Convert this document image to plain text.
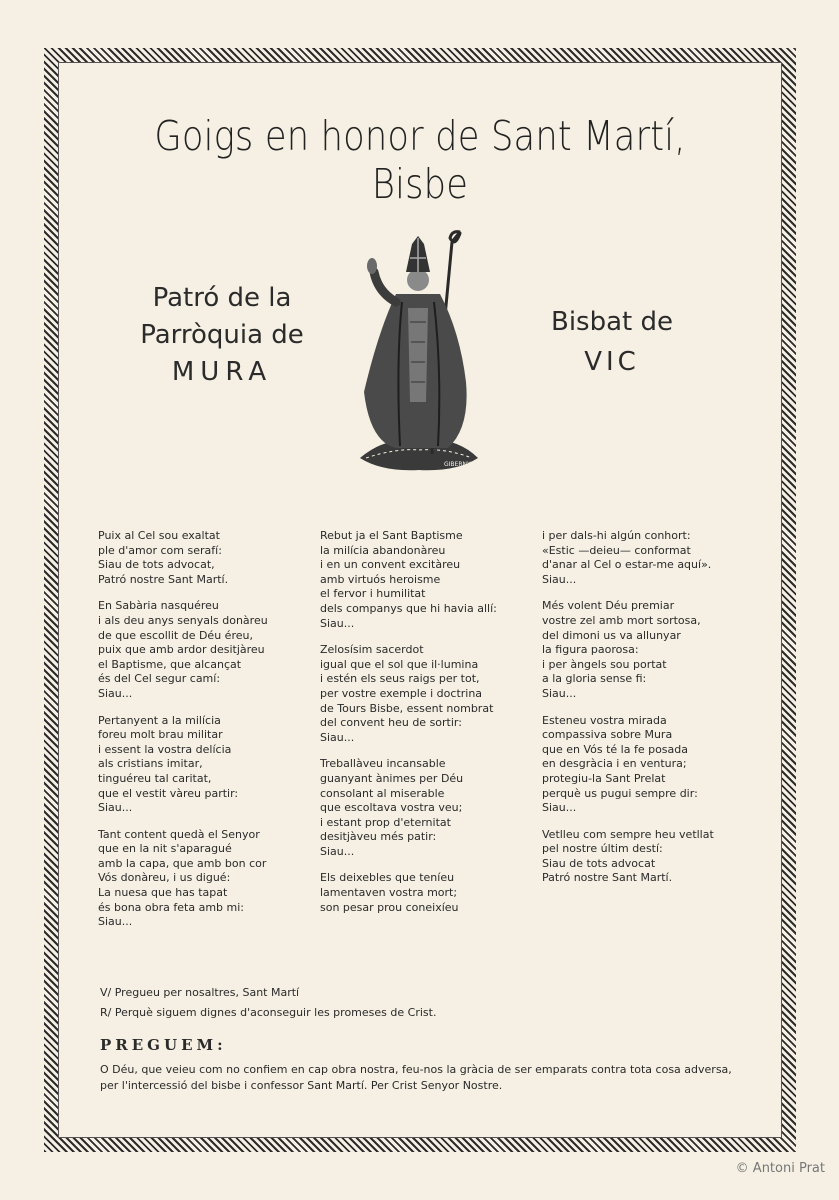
Goigs en honor de Sant Martí, Bisbe
Patró de la
Parròquia de
MURA
Bisbat de
VIC
GIBERNY
Puix al Cel sou exaltat
ple d'amor com serafí:
Siau de tots advocat,
Patró nostre Sant Martí.
En Sabària nasquéreu
i als deu anys senyals donàreu
de que escollit de Déu éreu,
puix que amb ardor desitjàreu
el Baptisme, que alcançat
és del Cel segur camí:
Siau...
Pertanyent a la milícia
foreu molt brau militar
i essent la vostra delícia
als cristians imitar,
tinguéreu tal caritat,
que el vestit vàreu partir:
Siau...
Tant content quedà el Senyor
que en la nit s'aparagué
amb la capa, que amb bon cor
Vós donàreu, i us digué:
La nuesa que has tapat
és bona obra feta amb mi:
Siau...
Rebut ja el Sant Baptisme
la milícia abandonàreu
i en un convent excitàreu
amb virtuós heroisme
el fervor i humilitat
dels companys que hi havia allí:
Siau...
Zelosísim sacerdot
igual que el sol que il·lumina
i estén els seus raigs per tot,
per vostre exemple i doctrina
de Tours Bisbe, essent nombrat
del convent heu de sortir:
Siau...
Treballàveu incansable
guanyant ànimes per Déu
consolant al miserable
que escoltava vostra veu;
i estant prop d'eternitat
desitjàveu més patir:
Siau...
Els deixebles que teníeu
lamentaven vostra mort;
son pesar prou coneixíeu
i per dals-hi algún conhort:
«Estic —deieu— conformat
d'anar al Cel o estar-me aquí».
Siau...
Més volent Déu premiar
vostre zel amb mort sortosa,
del dimoni us va allunyar
la figura paorosa:
i per àngels sou portat
a la gloria sense fi:
Siau...
Esteneu vostra mirada
compassiva sobre Mura
que en Vós té la fe posada
en desgràcia i en ventura;
protegiu-la Sant Prelat
perquè us pugui sempre dir:
Siau...
Vetlleu com sempre heu vetllat
pel nostre últim destí:
Siau de tots advocat
Patró nostre Sant Martí.
V/ Pregueu per nosaltres, Sant Martí
R/ Perquè siguem dignes d'aconseguir les promeses de Crist.
PREGUEM:
O Déu, que veieu com no confiem en cap obra nostra, feu-nos la gràcia de ser emparats contra tota cosa adversa, per l'intercessió del bisbe i confessor Sant Martí. Per Crist Senyor Nostre.
© Antoni Prat
